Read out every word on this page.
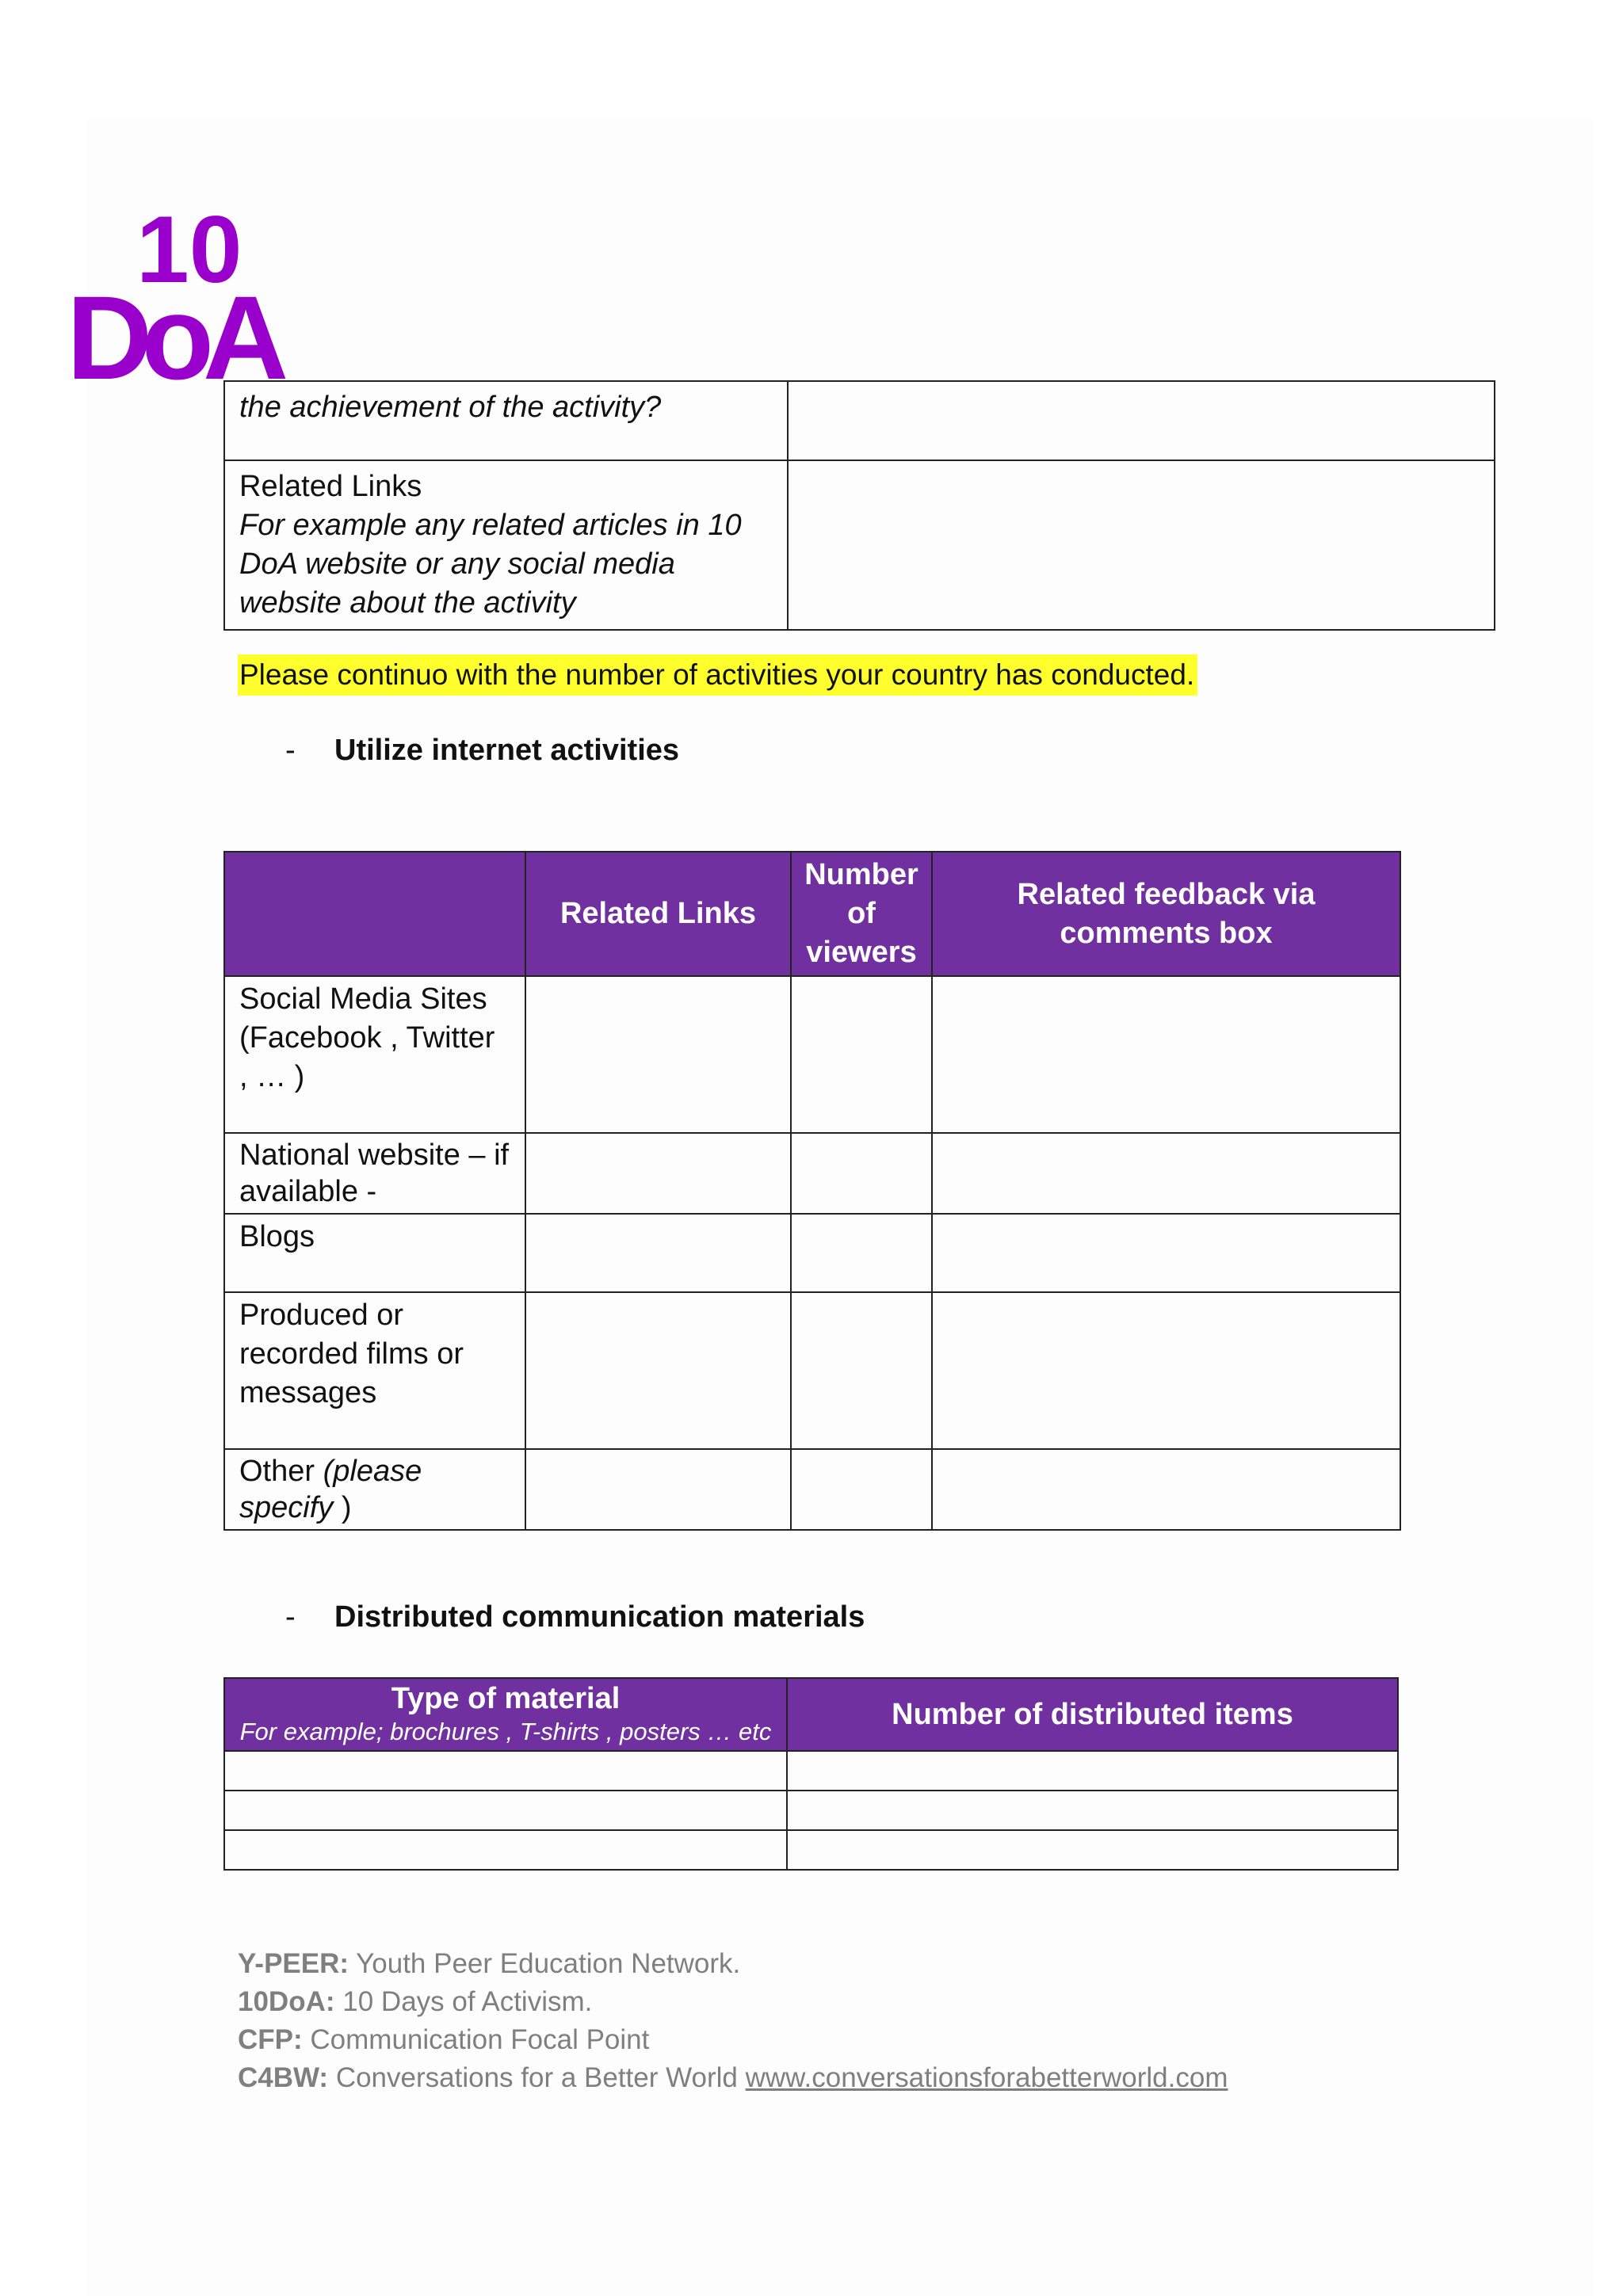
10
DoA
the achievement of the activity?	

Related Links
For example any related articles in 10 DoA website or any social media website about the activity	

Please continuo with the number of activities your country has conducted.
- Utilize internet activities
	Related Links	Number of viewers	Related feedback via comments box
Social Media Sites (Facebook , Twitter , … )			
National website – if available -			
Blogs			
Produced or recorded films or messages			
Other (please specify )			
- Distributed communication materials
Type of material
For example; brochures , T-shirts , posters … etc	Number of distributed items

Y-PEER: Youth Peer Education Network.
10DoA: 10 Days of Activism.
CFP: Communication Focal Point
C4BW: Conversations for a Better World www.conversationsforabetterworld.com
